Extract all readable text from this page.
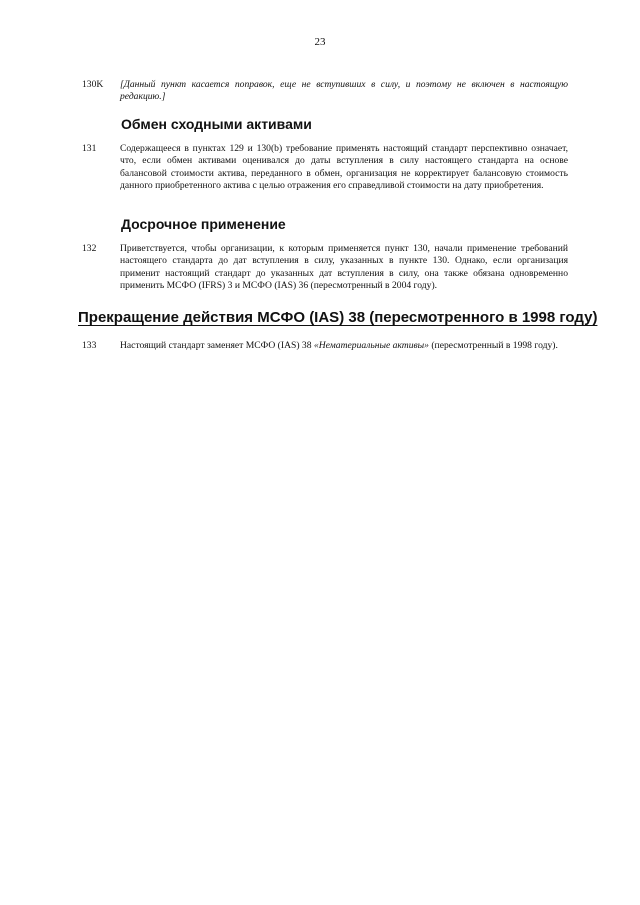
23
130K	[Данный пункт касается поправок, еще не вступивших в силу, и поэтому не включен в настоящую редакцию.]
Обмен сходными активами
131	Содержащееся в пунктах 129 и 130(b) требование применять настоящий стандарт перспективно означает, что, если обмен активами оценивался до даты вступления в силу настоящего стандарта на основе балансовой стоимости актива, переданного в обмен, организация не корректирует балансовую стоимость данного приобретенного актива с целью отражения его справедливой стоимости на дату приобретения.
Досрочное применение
132	Приветствуется, чтобы организации, к которым применяется пункт 130, начали применение требований настоящего стандарта до дат вступления в силу, указанных в пункте 130. Однако, если организация применит настоящий стандарт до указанных дат вступления в силу, она также обязана одновременно применить МСФО (IFRS) 3 и МСФО (IAS) 36 (пересмотренный в 2004 году).
Прекращение действия МСФО (IAS) 38 (пересмотренного в 1998 году)
133	Настоящий стандарт заменяет МСФО (IAS) 38 «Нематериальные активы» (пересмотренный в 1998 году).
